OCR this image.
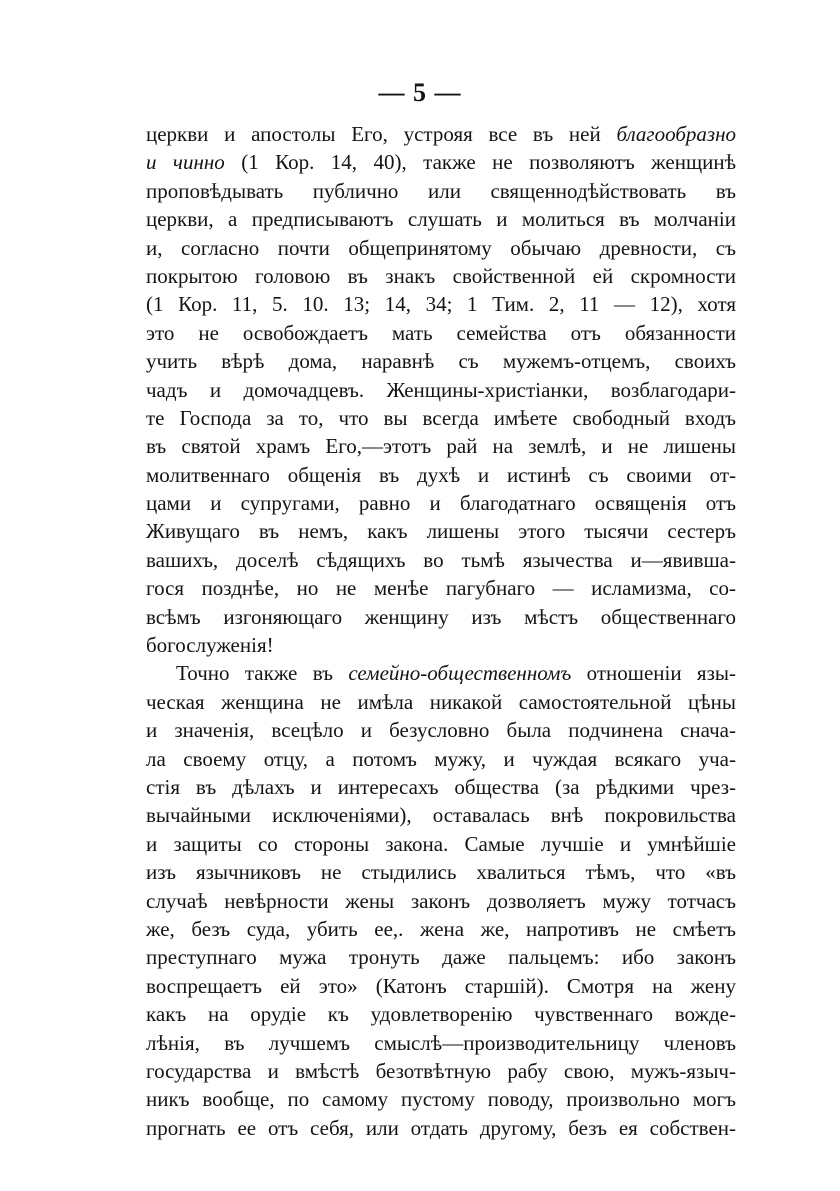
— 5 —
церкви и апостолы Его, устрояя все въ ней благообразно
и чинно (1 Кор. 14, 40), также не позволяютъ женщинѣ
проповѣдывать публично или священнодѣйствовать въ
церкви, а предписываютъ слушать и молиться въ молчаніи
и, согласно почти общепринятому обычаю древности, съ
покрытою головою въ знакъ свойственной ей скромности
(1 Кор. 11, 5. 10. 13; 14, 34; 1 Тим. 2, 11 — 12), хотя
это не освобождаетъ мать семейства отъ обязанности
учить вѣрѣ дома, наравнѣ съ мужемъ-отцемъ, своихъ
чадъ и домочадцевъ. Женщины-христіанки, возблагодари-
те Господа за то, что вы всегда имѣете свободный входъ
въ святой храмъ Его,—этотъ рай на землѣ, и не лишены
молитвеннаго общенія въ духѣ и истинѣ съ своими от-
цами и супругами, равно и благодатнаго освященія отъ
Живущаго въ немъ, какъ лишены этого тысячи сестеръ
вашихъ, доселѣ сѣдящихъ во тьмѣ язычества и—явивша-
гося позднѣе, но не менѣе пагубнаго — исламизма, со-
всѣмъ изгоняющаго женщину изъ мѣстъ общественнаго
богослуженія!
Точно также въ семейно-общественномъ отношеніи язы-
ческая женщина не имѣла никакой самостоятельной цѣны
и значенія, всецѣло и безусловно была подчинена снача-
ла своему отцу, а потомъ мужу, и чуждая всякаго уча-
стія въ дѣлахъ и интересахъ общества (за рѣдкими чрез-
вычайными исключеніями), оставалась внѣ покровильства
и защиты со стороны закона. Самые лучшіе и умнѣйшіе
изъ язычниковъ не стыдились хвалиться тѣмъ, что «въ
случаѣ невѣрности жены законъ дозволяетъ мужу тотчасъ
же, безъ суда, убить ее,. жена же, напротивъ не смѣетъ
преступнаго мужа тронуть даже пальцемъ: ибо законъ
воспрещаетъ ей это» (Катонъ старшій). Смотря на жену
какъ на орудіе къ удовлетворенію чувственнаго вожде-
лѣнія, въ лучшемъ смыслѣ—производительницу членовъ
государства и вмѣстѣ безотвѣтную рабу свою, мужъ-языч-
никъ вообще, по самому пустому поводу, произвольно могъ
прогнать ее отъ себя, или отдать другому, безъ ея собствен-
